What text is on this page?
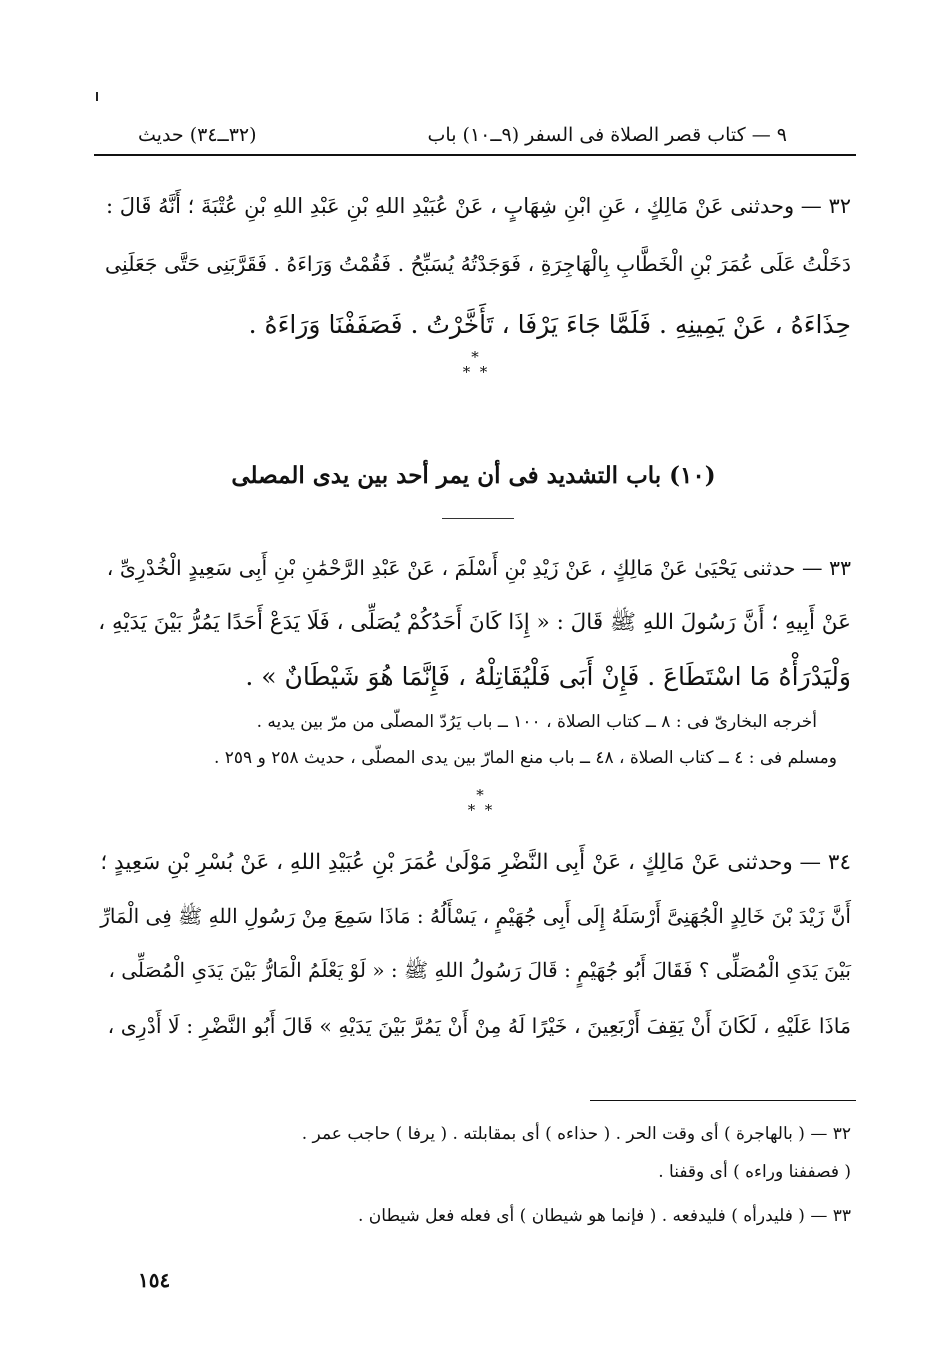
٩ — كتاب قصر الصلاة فى السفر (٩ــ١٠) باب
(٣٢ــ٣٤) حديث
٣٢ — وحدثنى عَنْ مَالِكٍ ، عَنِ ابْنِ شِهَابٍ ، عَنْ عُبَيْدِ اللهِ بْنِ عَبْدِ اللهِ بْنِ عُتْبَةَ ؛ أَنَّهُ قَالَ :
دَخَلْتُ عَلَى عُمَرَ بْنِ الْخَطَّابِ بِالْهَاجِرَةِ ، فَوَجَدْتُهُ يُسَبِّحُ . فَقُمْتُ وَرَاءَهُ . فَقَرَّبَنِى حَتَّى جَعَلَنِى
حِذَاءَهُ ، عَنْ يَمِينِهِ . فَلَمَّا جَاءَ يَرْفَا ، تَأَخَّرْتُ . فَصَفَفْنَا وَرَاءَهُ .
*
* *
(١٠) باب التشديد فى أن يمر أحد بين يدى المصلى
٣٣ — حدثنى يَحْيَىٰ عَنْ مَالِكٍ ، عَنْ زَيْدِ بْنِ أَسْلَمَ ، عَنْ عَبْدِ الرَّحْمَٰنِ بْنِ أَبِى سَعِيدٍ الْخُدْرِىِّ ،
عَنْ أَبِيهِ ؛ أَنَّ رَسُولَ اللهِ ﷺ قَالَ : « إِذَا كَانَ أَحَدُكُمْ يُصَلِّى ، فَلَا يَدَعْ أَحَدًا يَمُرُّ بَيْنَ يَدَيْهِ ،
وَلْيَدْرَأْهُ مَا اسْتَطَاعَ . فَإِنْ أَبَى فَلْيُقَاتِلْهُ ، فَإِنَّمَا هُوَ شَيْطَانٌ » .
أخرجه البخارىّ فى : ٨ ــ كتاب الصلاة ، ١٠٠ ــ باب يَرُدّ المصلّى من مرّ بين يديه .
ومسلم فى : ٤ ــ كتاب الصلاة ، ٤٨ ــ باب منع المارّ بين يدى المصلّى ، حديث ٢٥٨ و ٢٥٩ .
*
* *
٣٤ — وحدثنى عَنْ مَالِكٍ ، عَنْ أَبِى النَّضْرِ مَوْلَىٰ عُمَرَ بْنِ عُبَيْدِ اللهِ ، عَنْ بُسْرِ بْنِ سَعِيدٍ ؛
أَنَّ زَيْدَ بْنَ خَالِدٍ الْجُهَنِىَّ أَرْسَلَهُ إِلَى أَبِى جُهَيْمٍ ، يَسْأَلُهُ : مَاذَا سَمِعَ مِنْ رَسُولِ اللهِ ﷺ فِى الْمَارِّ
بَيْنَ يَدَىِ الْمُصَلِّى ؟ فَقَالَ أَبُو جُهَيْمٍ : قَالَ رَسُولُ اللهِ ﷺ : « لَوْ يَعْلَمُ الْمَارُّ بَيْنَ يَدَىِ الْمُصَلِّى ،
مَاذَا عَلَيْهِ ، لَكَانَ أَنْ يَقِفَ أَرْبَعِينَ ، خَيْرًا لَهُ مِنْ أَنْ يَمُرَّ بَيْنَ يَدَيْهِ » قَالَ أَبُو النَّضْرِ : لَا أَدْرِى ،
٣٢ — ( بالهاجرة ) أى وقت الحر . ( حذاءه ) أى بمقابلته . ( يرفا ) حاجب عمر .
( فصففنا وراءه ) أى وقفنا .
٣٣ — ( فليدرأه ) فليدفعه . ( فإنما هو شيطان ) أى فعله فعل شيطان .
١٥٤
